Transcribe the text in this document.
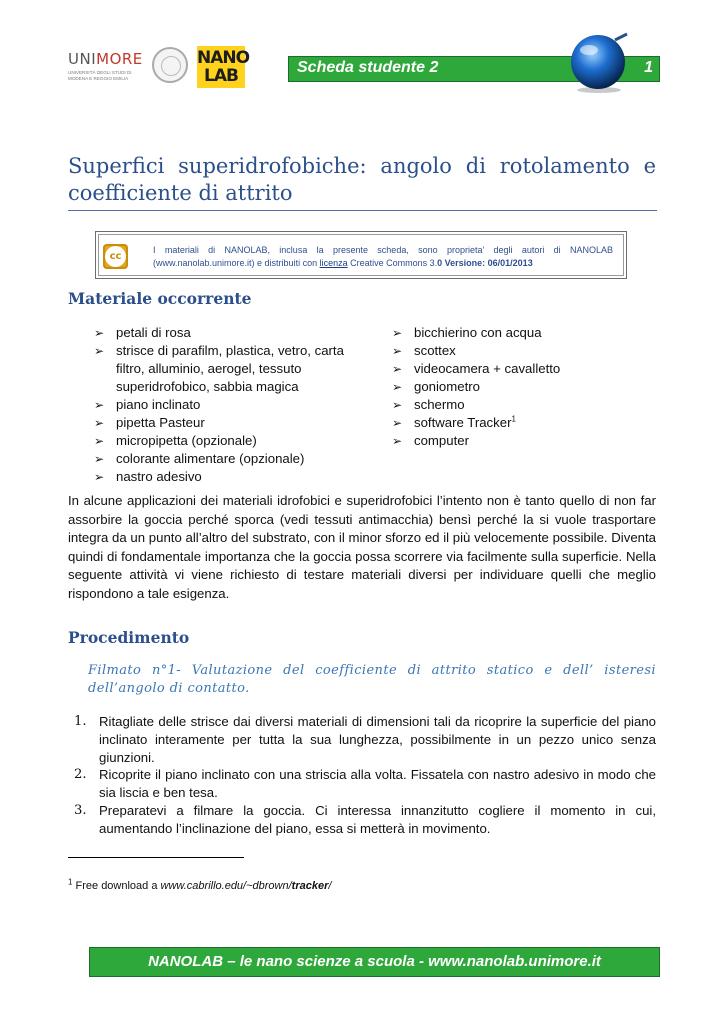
UNIMORE
UNIVERSITÀ DEGLI STUDI DI
MODENA E REGGIO EMILIA
NANO
LAB	Scheda studente 2	1
Superfici superidrofobiche: angolo di rotolamento e coefficiente di attrito
cc
I materiali di NANOLAB, inclusa la presente scheda, sono proprieta’ degli autori di NANOLAB (www.nanolab.unimore.it) e distribuiti con licenza Creative Commons 3.0 Versione: 06/01/2013
Materiale occorrente
➢ petali di rosa
➢ strisce di parafilm, plastica, vetro, carta filtro, alluminio, aerogel, tessuto superidrofobico, sabbia magica
➢ piano inclinato
➢ pipetta Pasteur
➢ micropipetta (opzionale)
➢ colorante alimentare (opzionale)
➢ nastro adesivo
➢ bicchierino con acqua
➢ scottex
➢ videocamera + cavalletto
➢ goniometro
➢ schermo
➢ software Tracker$^1$
➢ computer
In alcune applicazioni dei materiali idrofobici e superidrofobici l’intento non è tanto quello di non far assorbire la goccia perché sporca (vedi tessuti antimacchia) bensì perché la si vuole trasportare integra da un punto all’altro del substrato, con il minor sforzo ed il più velocemente possibile. Diventa quindi di fondamentale importanza che la goccia possa scorrere via facilmente sulla superficie. Nella seguente attività vi viene richiesto di testare materiali diversi per individuare quelli che meglio rispondono a tale esigenza.
Procedimento
Filmato n°1- Valutazione del coefficiente di attrito statico e dell’ isteresi dell’angolo di contatto.
1. Ritagliate delle strisce dai diversi materiali di dimensioni tali da ricoprire la superficie del piano inclinato interamente per tutta la sua lunghezza, possibilmente in un pezzo unico senza giunzioni.
2. Ricoprite il piano inclinato con una striscia alla volta. Fissatela con nastro adesivo in modo che sia liscia e ben tesa.
3. Preparatevi a filmare la goccia. Ci interessa innanzitutto cogliere il momento in cui, aumentando l’inclinazione del piano, essa si metterà in movimento.
$^1$ Free download a www.cabrillo.edu/~dbrown/tracker/
NANOLAB – le nano scienze a scuola - www.nanolab.unimore.it
